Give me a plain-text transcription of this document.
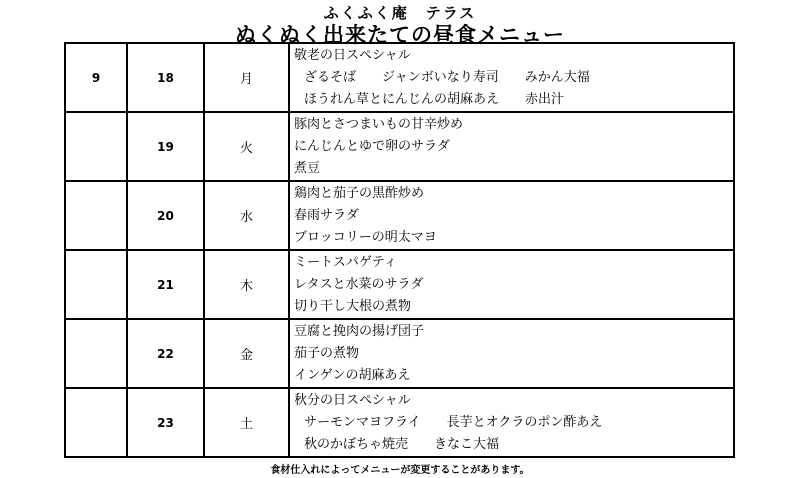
ふくふく庵　テラス
ぬくぬく出来たての昼食メニュー
9	18	月	敬老の日スペシャル
ざるそば　　ジャンボいなり寿司　　みかん大福
ほうれん草とにんじんの胡麻あえ　　赤出汁

	19	火	豚肉とさつまいもの甘辛炒め
にんじんとゆで卵のサラダ
煮豆

	20	水	鶏肉と茄子の黒酢炒め
春雨サラダ
ブロッコリーの明太マヨ

	21	木	ミートスパゲティ
レタスと水菜のサラダ
切り干し大根の煮物

	22	金	豆腐と挽肉の揚げ団子
茄子の煮物
インゲンの胡麻あえ

	23	土	秋分の日スペシャル
サーモンマヨフライ　　長芋とオクラのポン酢あえ
秋のかぼちゃ焼売　　きなこ大福
食材仕入れによってメニューが変更することがあります。
